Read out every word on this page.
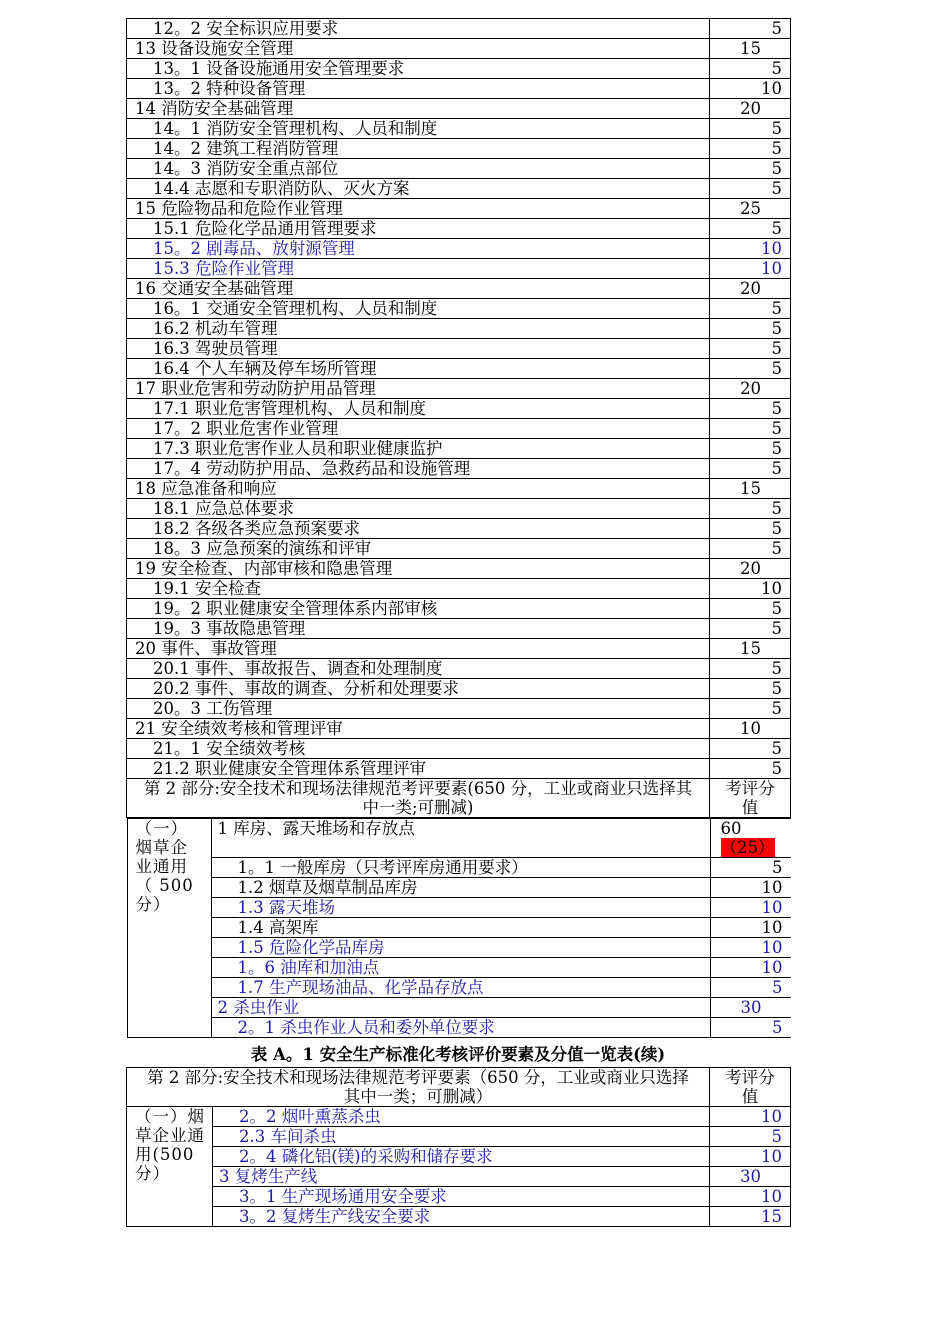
12。2 安全标识应用要求	5
13 设备设施安全管理	15
13。1 设备设施通用安全管理要求	5
13。2 特种设备管理	10
14 消防安全基础管理	20
14。1 消防安全管理机构、人员和制度	5
14。2 建筑工程消防管理	5
14。3 消防安全重点部位	5
14.4 志愿和专职消防队、灭火方案	5
15 危险物品和危险作业管理	25
15.1 危险化学品通用管理要求	5
15。2 剧毒品、放射源管理	10
15.3 危险作业管理	10
16 交通安全基础管理	20
16。1 交通安全管理机构、人员和制度	5
16.2 机动车管理	5
16.3 驾驶员管理	5
16.4 个人车辆及停车场所管理	5
17 职业危害和劳动防护用品管理	20
17.1 职业危害管理机构、人员和制度	5
17。2 职业危害作业管理	5
17.3 职业危害作业人员和职业健康监护	5
17。4 劳动防护用品、急救药品和设施管理	5
18 应急准备和响应	15
18.1 应急总体要求	5
18.2 各级各类应急预案要求	5
18。3 应急预案的演练和评审	5
19 安全检查、内部审核和隐患管理	20
19.1 安全检查	10
19。2 职业健康安全管理体系内部审核	5
19。3 事故隐患管理	5
20 事件、事故管理	15
20.1 事件、事故报告、调查和处理制度	5
20.2 事件、事故的调查、分析和处理要求	5
20。3 工伤管理	5
21 安全绩效考核和管理评审	10
21。1 安全绩效考核	5
21.2 职业健康安全管理体系管理评审	5
第 2 部分:安全技术和现场法律规范考评要素(650 分，工业或商业只选择其中一类;可删减)	考评分值

（一）烟草企业通用（ 500 分）	1 库房、露天堆场和存放点	60（25）
1。1 一般库房（只考评库房通用要求）	5
1.2 烟草及烟草制品库房	10
1.3 露天堆场	10
1.4 高架库	10
1.5 危险化学品库房	10
1。6 油库和加油点	10
1.7 生产现场油品、化学品存放点	5
2 杀虫作业	30
2。1 杀虫作业人员和委外单位要求	5
表 A。1 安全生产标准化考核评价要素及分值一览表(续)
第 2 部分:安全技术和现场法律规范考评要素（650 分，工业或商业只选择其中一类；可删减）		考评分值
（一）烟草企业通用(500 分）	2。2 烟叶熏蒸杀虫	10
	2.3 车间杀虫	5
	2。4 磷化铝(镁)的采购和储存要求	10
	3 复烤生产线	30
	3。1 生产现场通用安全要求	10
	3。2 复烤生产线安全要求	15
